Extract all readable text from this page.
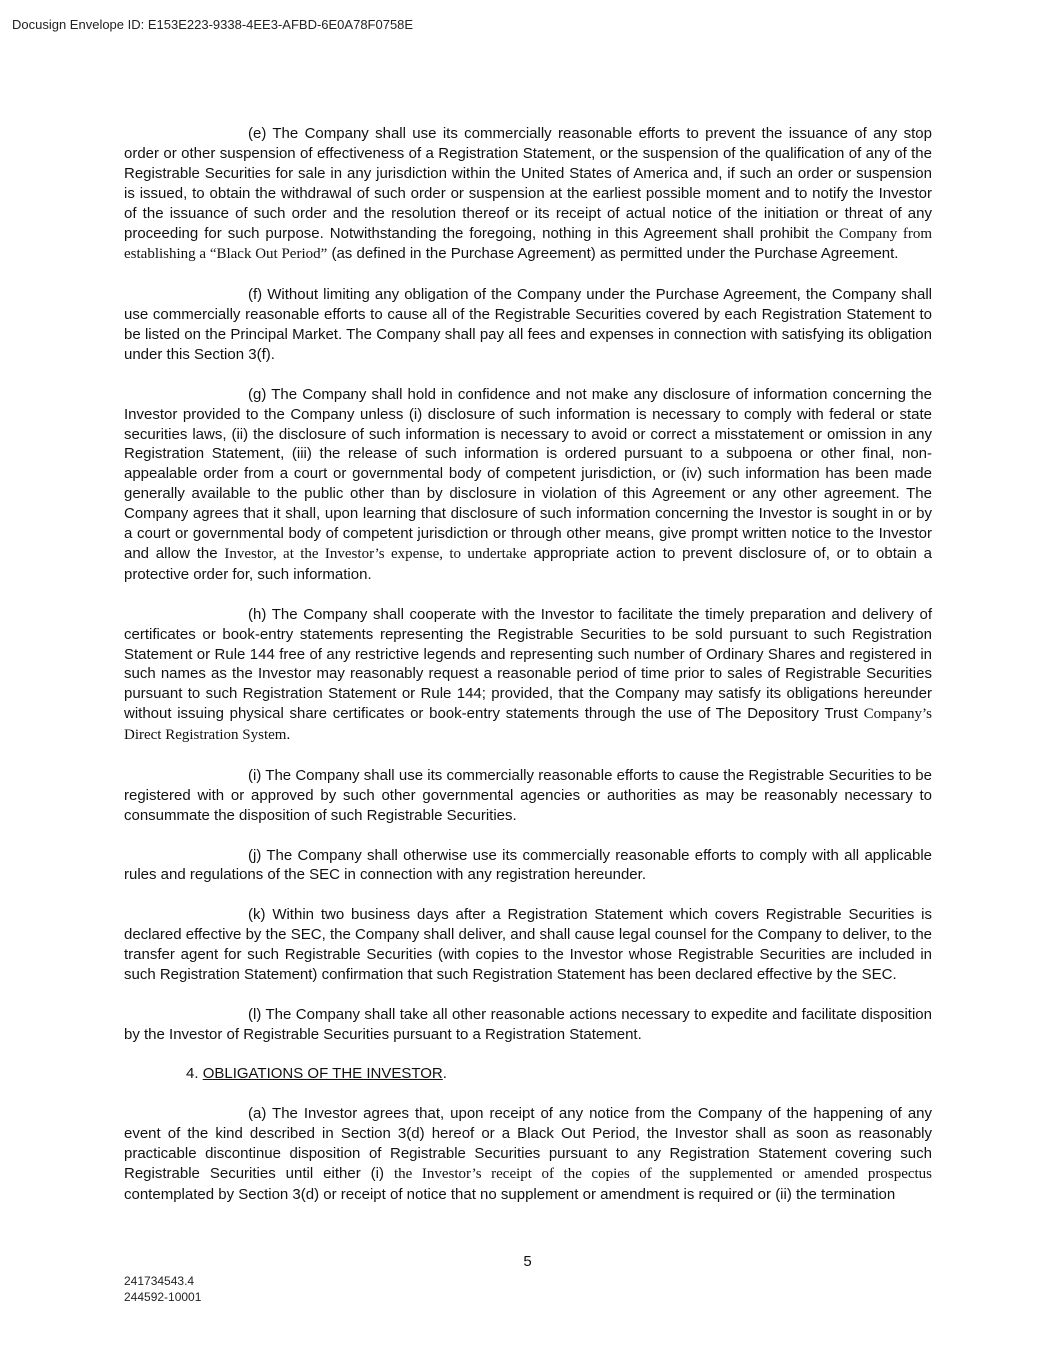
Docusign Envelope ID: E153E223-9338-4EE3-AFBD-6E0A78F0758E

(e) The Company shall use its commercially reasonable efforts to prevent the issuance of any stop order or other suspension of effectiveness of a Registration Statement, or the suspension of the qualification of any of the Registrable Securities for sale in any jurisdiction within the United States of America and, if such an order or suspension is issued, to obtain the withdrawal of such order or suspension at the earliest possible moment and to notify the Investor of the issuance of such order and the resolution thereof or its receipt of actual notice of the initiation or threat of any proceeding for such purpose. Notwithstanding the foregoing, nothing in this Agreement shall prohibit the Company from establishing a “Black Out Period” (as defined in the Purchase Agreement) as permitted under the Purchase Agreement.

(f) Without limiting any obligation of the Company under the Purchase Agreement, the Company shall use commercially reasonable efforts to cause all of the Registrable Securities covered by each Registration Statement to be listed on the Principal Market. The Company shall pay all fees and expenses in connection with satisfying its obligation under this Section 3(f).

(g) The Company shall hold in confidence and not make any disclosure of information concerning the Investor provided to the Company unless (i) disclosure of such information is necessary to comply with federal or state securities laws, (ii) the disclosure of such information is necessary to avoid or correct a misstatement or omission in any Registration Statement, (iii) the release of such information is ordered pursuant to a subpoena or other final, non-appealable order from a court or governmental body of competent jurisdiction, or (iv) such information has been made generally available to the public other than by disclosure in violation of this Agreement or any other agreement. The Company agrees that it shall, upon learning that disclosure of such information concerning the Investor is sought in or by a court or governmental body of competent jurisdiction or through other means, give prompt written notice to the Investor and allow the Investor, at the Investor’s expense, to undertake appropriate action to prevent disclosure of, or to obtain a protective order for, such information.

(h) The Company shall cooperate with the Investor to facilitate the timely preparation and delivery of certificates or book-entry statements representing the Registrable Securities to be sold pursuant to such Registration Statement or Rule 144 free of any restrictive legends and representing such number of Ordinary Shares and registered in such names as the Investor may reasonably request a reasonable period of time prior to sales of Registrable Securities pursuant to such Registration Statement or Rule 144; provided, that the Company may satisfy its obligations hereunder without issuing physical share certificates or book-entry statements through the use of The Depository Trust Company’s Direct Registration System.

(i) The Company shall use its commercially reasonable efforts to cause the Registrable Securities to be registered with or approved by such other governmental agencies or authorities as may be reasonably necessary to consummate the disposition of such Registrable Securities.

(j) The Company shall otherwise use its commercially reasonable efforts to comply with all applicable rules and regulations of the SEC in connection with any registration hereunder.

(k) Within two business days after a Registration Statement which covers Registrable Securities is declared effective by the SEC, the Company shall deliver, and shall cause legal counsel for the Company to deliver, to the transfer agent for such Registrable Securities (with copies to the Investor whose Registrable Securities are included in such Registration Statement) confirmation that such Registration Statement has been declared effective by the SEC.

(l) The Company shall take all other reasonable actions necessary to expedite and facilitate disposition by the Investor of Registrable Securities pursuant to a Registration Statement.

4. OBLIGATIONS OF THE INVESTOR.

(a) The Investor agrees that, upon receipt of any notice from the Company of the happening of any event of the kind described in Section 3(d) hereof or a Black Out Period, the Investor shall as soon as reasonably practicable discontinue disposition of Registrable Securities pursuant to any Registration Statement covering such Registrable Securities until either (i) the Investor’s receipt of the copies of the supplemented or amended prospectus contemplated by Section 3(d) or receipt of notice that no supplement or amendment is required or (ii) the termination

5
241734543.4
244592-10001
